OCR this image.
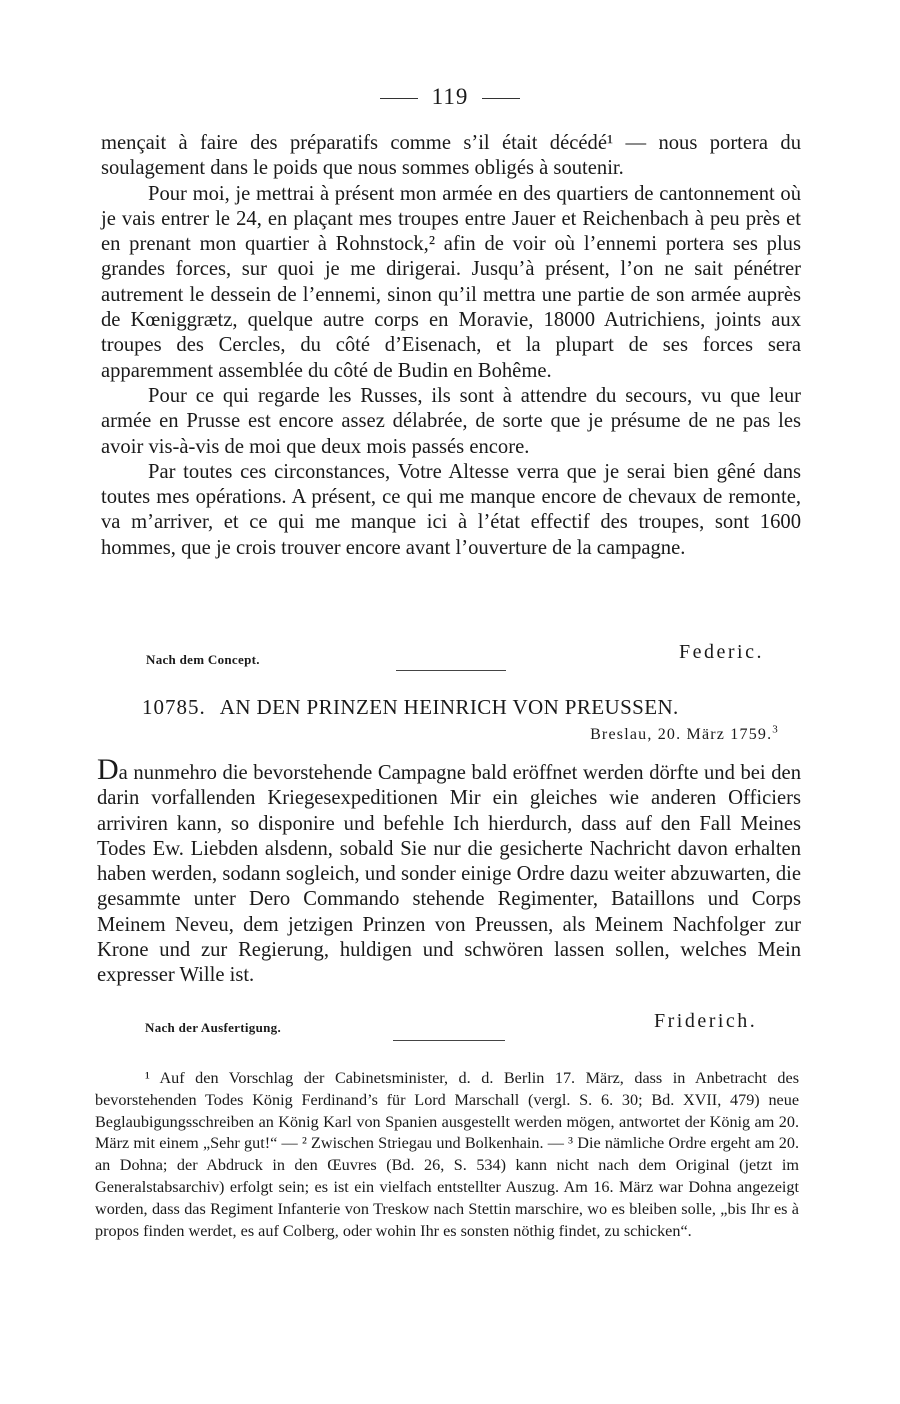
119

mençait à faire des préparatifs comme s’il était décédé¹ — nous portera du soulagement dans le poids que nous sommes obligés à soutenir.

Pour moi, je mettrai à présent mon armée en des quartiers de cantonnement où je vais entrer le 24, en plaçant mes troupes entre Jauer et Reichenbach à peu près et en prenant mon quartier à Rohnstock,² afin de voir où l’ennemi portera ses plus grandes forces, sur quoi je me dirigerai. Jusqu’à présent, l’on ne sait pénétrer autrement le dessein de l’ennemi, sinon qu’il mettra une partie de son armée auprès de Kœniggrætz, quelque autre corps en Moravie, 18000 Autrichiens, joints aux troupes des Cercles, du côté d’Eisenach, et la plupart de ses forces sera apparemment assemblée du côté de Budin en Bohême.

Pour ce qui regarde les Russes, ils sont à attendre du secours, vu que leur armée en Prusse est encore assez délabrée, de sorte que je présume de ne pas les avoir vis-à-vis de moi que deux mois passés encore.

Par toutes ces circonstances, Votre Altesse verra que je serai bien gêné dans toutes mes opérations. A présent, ce qui me manque encore de chevaux de remonte, va m’arriver, et ce qui me manque ici à l’état effectif des troupes, sont 1600 hommes, que je crois trouver encore avant l’ouverture de la campagne.

Nach dem Concept.	Federic.
10785. AN DEN PRINZEN HEINRICH VON PREUSSEN.
Breslau, 20. März 1759.$^3$

Da nunmehro die bevorstehende Campagne bald eröffnet werden dörfte und bei den darin vorfallenden Kriegesexpeditionen Mir ein gleiches wie anderen Officiers arriviren kann, so disponire und befehle Ich hierdurch, dass auf den Fall Meines Todes Ew. Liebden alsdenn, sobald Sie nur die gesicherte Nachricht davon erhalten haben werden, sodann sogleich, und sonder einige Ordre dazu weiter abzuwarten, die gesammte unter Dero Commando stehende Regimenter, Bataillons und Corps Meinem Neveu, dem jetzigen Prinzen von Preussen, als Meinem Nachfolger zur Krone und zur Regierung, huldigen und schwören lassen sollen, welches Mein expresser Wille ist.

Nach der Ausfertigung.	Friderich.

¹ Auf den Vorschlag der Cabinetsminister, d. d. Berlin 17. März, dass in Anbetracht des bevorstehenden Todes König Ferdinand’s für Lord Marschall (vergl. S. 6. 30; Bd. XVII, 479) neue Beglaubigungsschreiben an König Karl von Spanien ausgestellt werden mögen, antwortet der König am 20. März mit einem „Sehr gut!“ — ² Zwischen Striegau und Bolkenhain. — ³ Die nämliche Ordre ergeht am 20. an Dohna; der Abdruck in den Œuvres (Bd. 26, S. 534) kann nicht nach dem Original (jetzt im Generalstabsarchiv) erfolgt sein; es ist ein vielfach entstellter Auszug. Am 16. März war Dohna angezeigt worden, dass das Regiment Infanterie von Treskow nach Stettin marschire, wo es bleiben solle, „bis Ihr es à propos finden werdet, es auf Colberg, oder wohin Ihr es sonsten nöthig findet, zu schicken“.
